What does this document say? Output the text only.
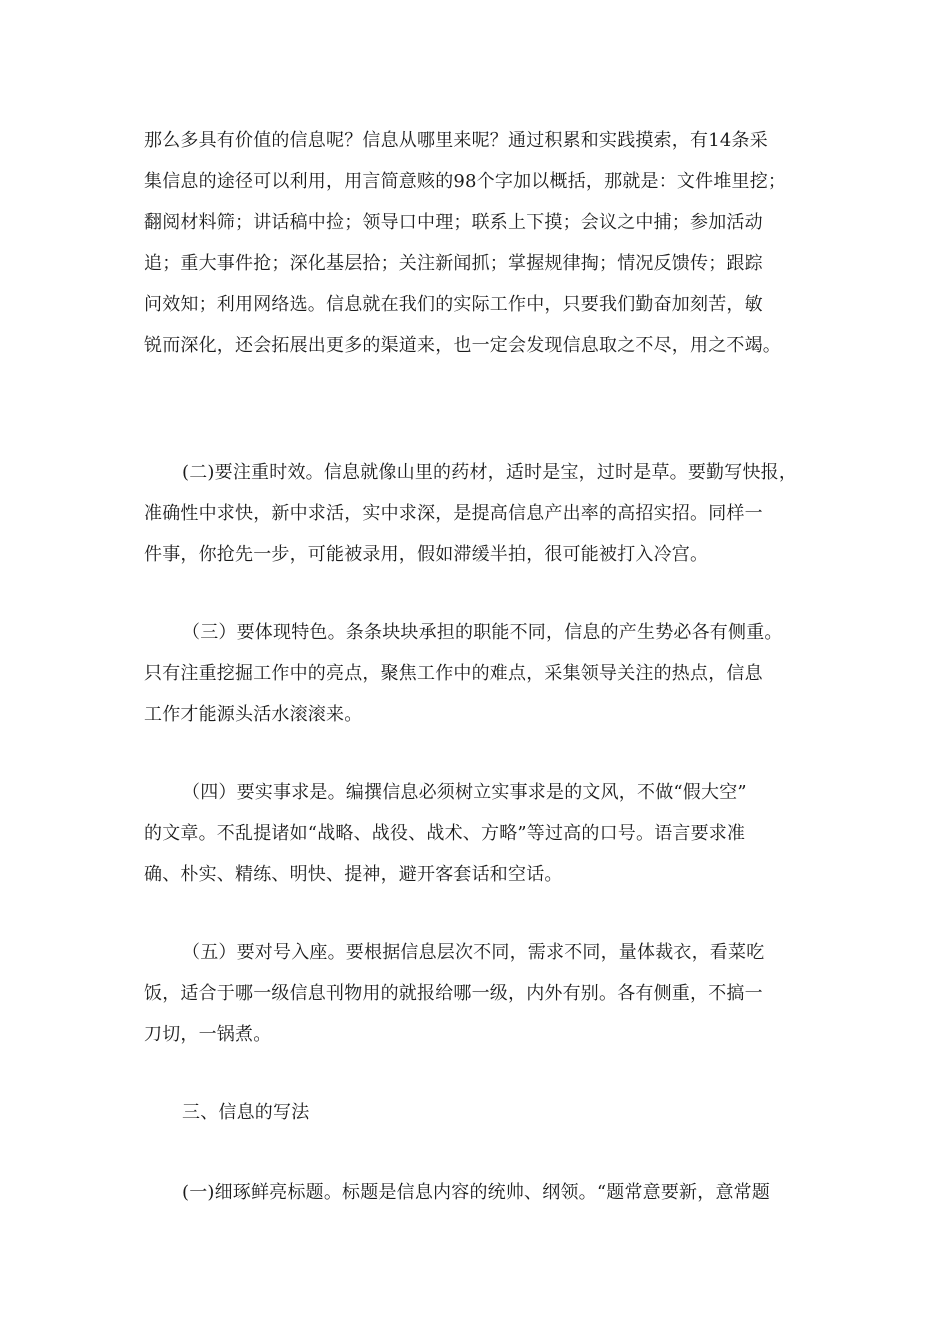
那么多具有价值的信息呢？信息从哪里来呢？通过积累和实践摸索，有14条采
集信息的途径可以利用，用言简意赅的98个字加以概括，那就是：文件堆里挖；
翻阅材料筛；讲话稿中捡；领导口中理；联系上下摸；会议之中捕；参加活动
追；重大事件抢；深化基层拾；关注新闻抓；掌握规律掏；情况反馈传；跟踪
问效知；利用网络选。信息就在我们的实际工作中，只要我们勤奋加刻苦，敏
锐而深化，还会拓展出更多的渠道来，也一定会发现信息取之不尽，用之不竭。

(二)要注重时效。信息就像山里的药材，适时是宝，过时是草。要勤写快报，
准确性中求快，新中求活，实中求深，是提高信息产出率的高招实招。同样一
件事，你抢先一步，可能被录用，假如滞缓半拍，很可能被打入冷宫。

（三）要体现特色。条条块块承担的职能不同，信息的产生势必各有侧重。
只有注重挖掘工作中的亮点，聚焦工作中的难点，采集领导关注的热点，信息
工作才能源头活水滚滚来。

（四）要实事求是。编撰信息必须树立实事求是的文风，不做“假大空”
的文章。不乱提诸如“战略、战役、战术、方略”等过高的口号。语言要求准
确、朴实、精练、明快、提神，避开客套话和空话。

（五）要对号入座。要根据信息层次不同，需求不同，量体裁衣，看菜吃
饭，适合于哪一级信息刊物用的就报给哪一级，内外有别。各有侧重，不搞一
刀切，一锅煮。

三、信息的写法

(一)细琢鲜亮标题。标题是信息内容的统帅、纲领。“题常意要新，意常题
